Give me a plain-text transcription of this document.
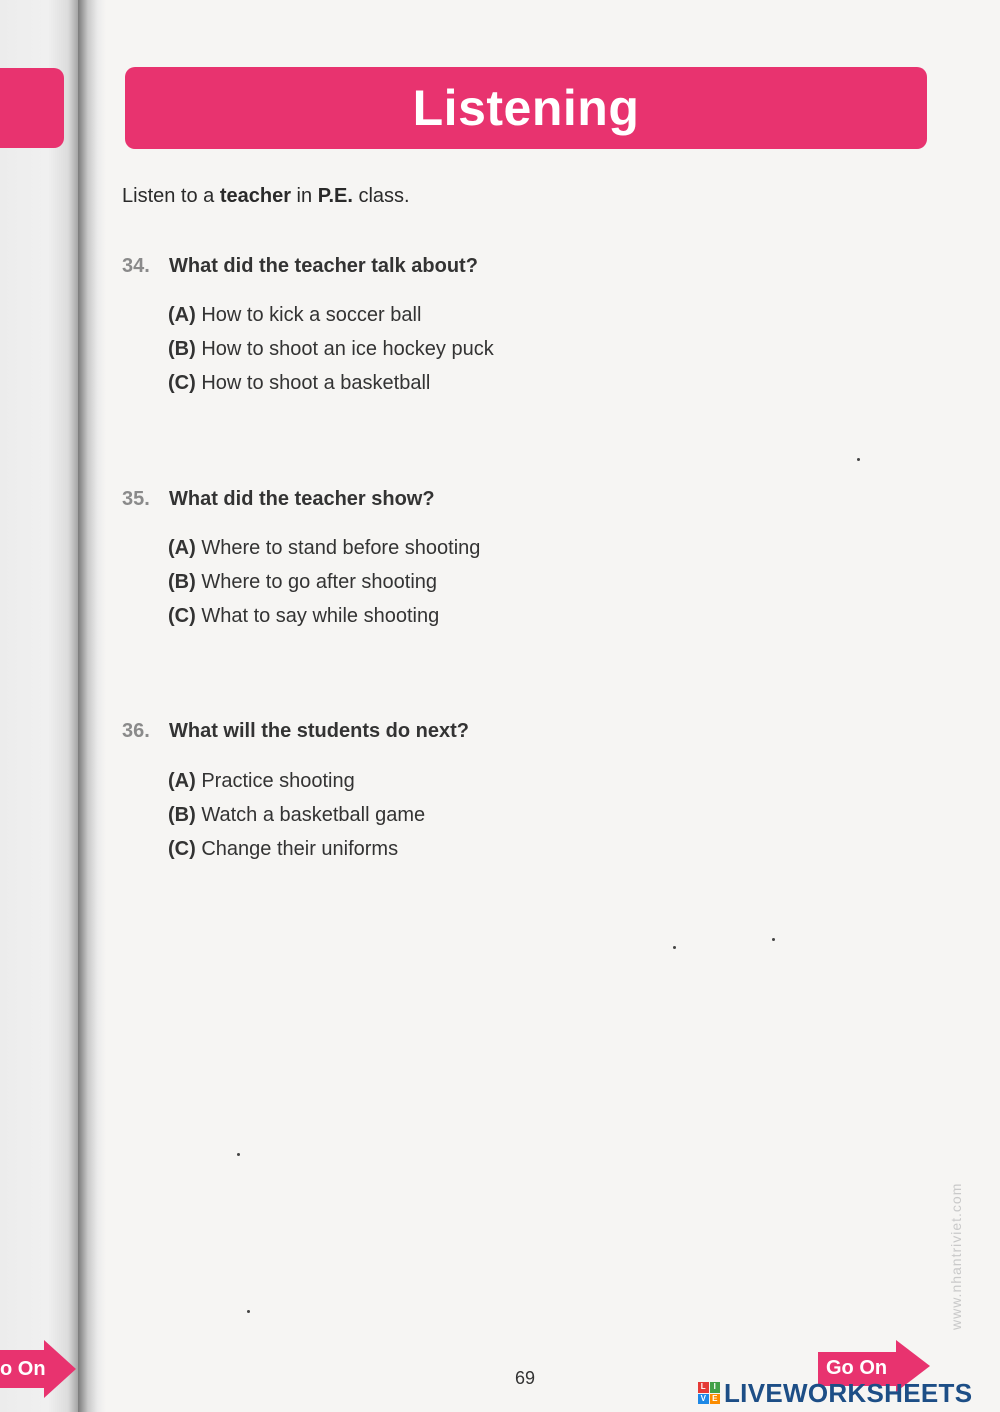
o On
Listening
Listen to a teacher in P.E. class.
34. What did the teacher talk about?
(A) How to kick a soccer ball
(B) How to shoot an ice hockey puck
(C) How to shoot a basketball
35. What did the teacher show?
(A) Where to stand before shooting
(B) Where to go after shooting
(C) What to say while shooting
36. What will the students do next?
(A) Practice shooting
(B) Watch a basketball game
(C) Change their uniforms
www.nhantriviet.com
69	Go On
L I
V E LIVEWORKSHEETS
